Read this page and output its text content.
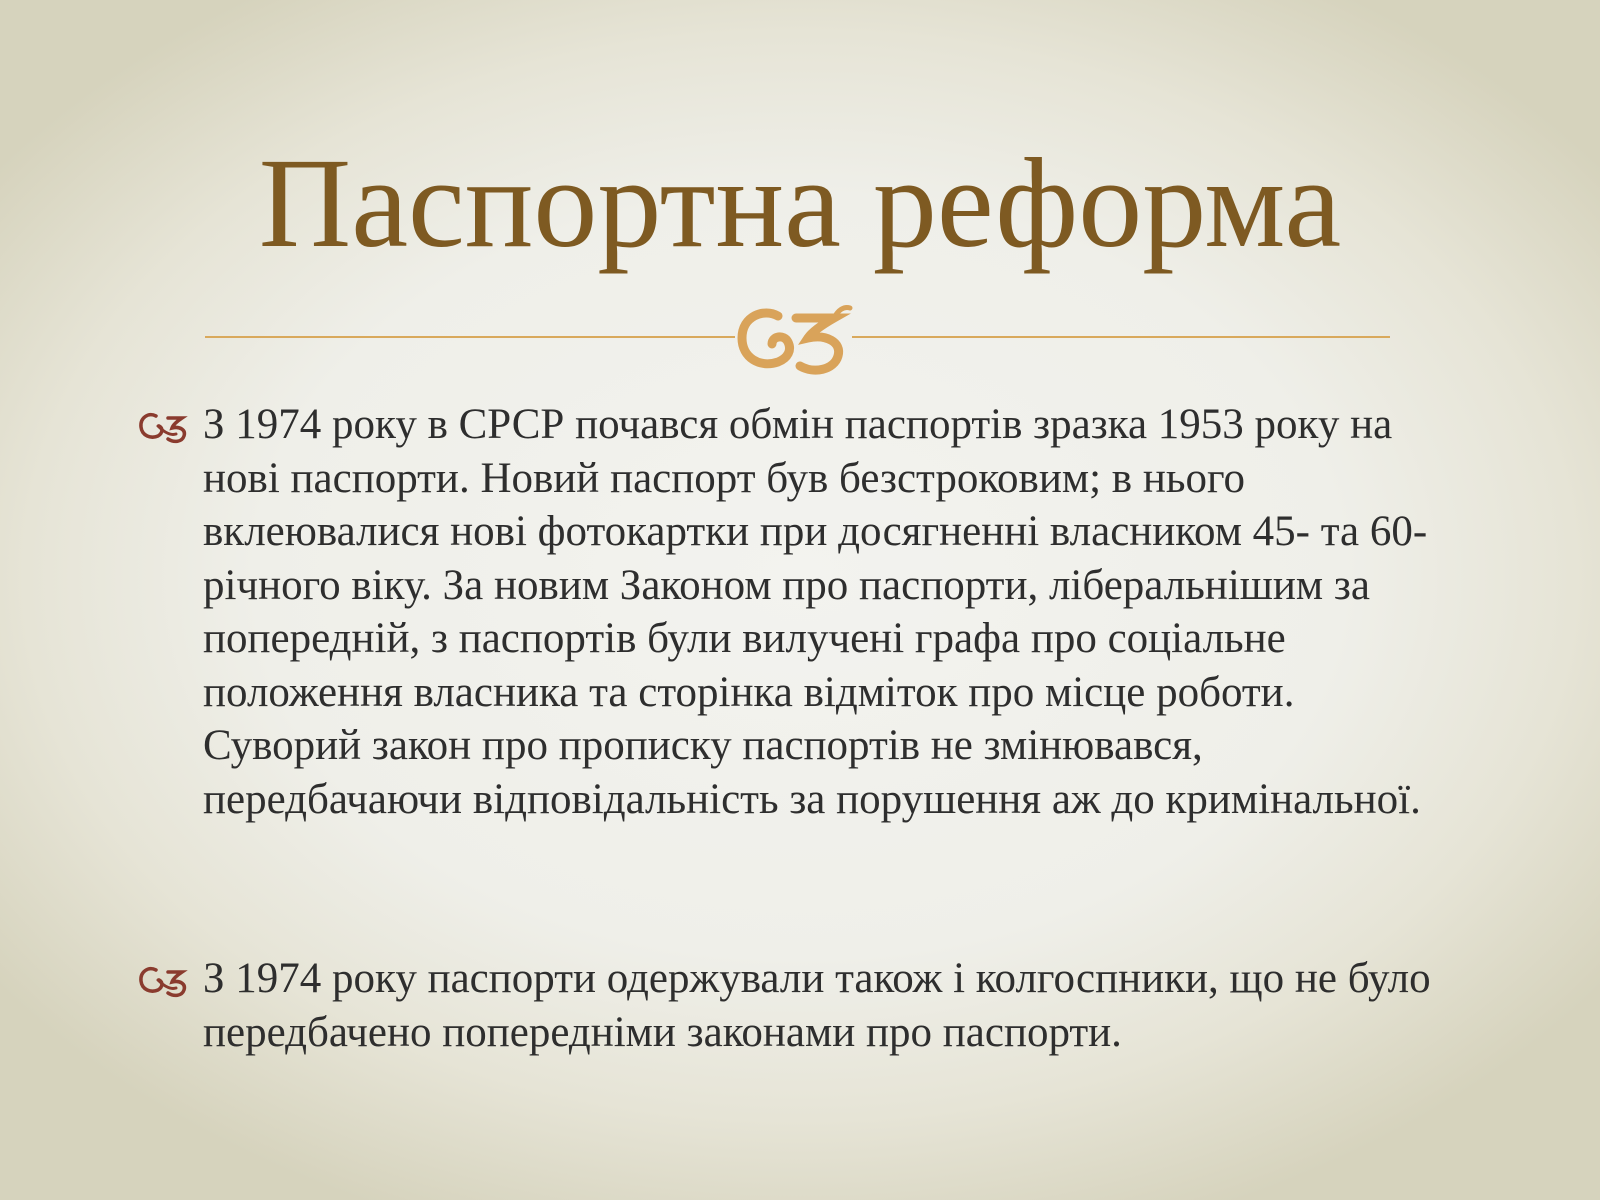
Паспортна реформа

З 1974 року в СРСР почався обмін паспортів зразка 1953 року на нові паспорти. Новий паспорт був безстроковим; в нього вклеювалися нові фотокартки при досягненні власником 45- та 60-річного віку. За новим Законом про паспорти, ліберальнішим за попередній, з паспортів були вилучені графа про соціальне положення власника та сторінка відміток про місце роботи. Суворий закон про прописку паспортів не змінювався, передбачаючи відповідальність за порушення аж до кримінальної.

З 1974 року паспорти одержували також і колгоспники, що не було передбачено попередніми законами про паспорти.
